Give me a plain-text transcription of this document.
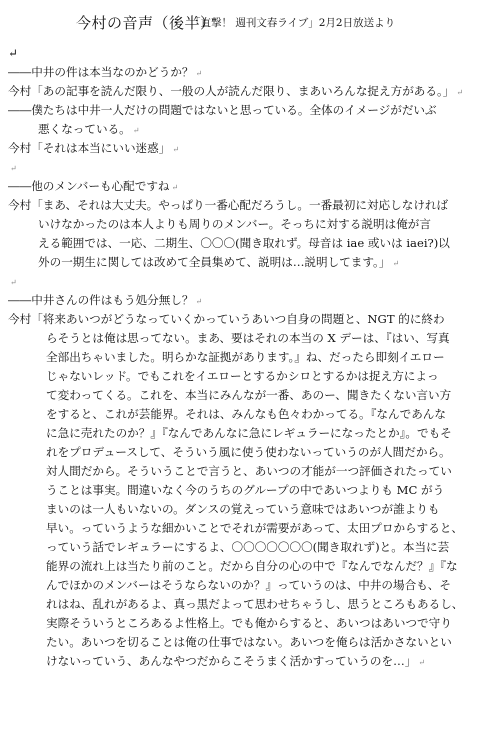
今村の音声（後半）
「直撃！ 週刊文春ライブ」2月2日放送より
↵
――中井の件は本当なのかどうか？ ↵
今村「あの記事を読んだ限り、一般の人が読んだ限り、まあいろんな捉え方がある。」 ↵
――僕たちは中井一人だけの問題ではないと思っている。全体のイメージがだいぶ
悪くなっている。 ↵
今村「それは本当にいい迷惑」 ↵
↵
――他のメンバーも心配ですね ↵
今村「まあ、それは大丈夫。やっぱり一番心配だろうし。一番最初に対応しなければ
いけなかったのは本人よりも周りのメンバー。そっちに対する説明は俺が言
える範囲では、一応、二期生、〇〇〇(聞き取れず。母音は iae 或いは iaei?)以
外の一期生に関しては改めて全員集めて、説明は…説明してます。」 ↵
↵
――中井さんの件はもう処分無し？ ↵
今村「将来あいつがどうなっていくかっていうあいつ自身の問題と、NGT 的に終わ
らそうとは俺は思ってない。まあ、要はそれの本当の X デーは、『はい、写真
全部出ちゃいました。明らかな証拠があります。』ね、だったら即刻イエロー
じゃないレッド。でもこれをイエローとするかシロとするかは捉え方によっ
て変わってくる。これを、本当にみんなが一番、あのー、聞きたくない言い方
をすると、これが芸能界。それは、みんなも色々わかってる。『なんであんな
に急に売れたのか？』『なんであんなに急にレギュラーになったとか』。でもそ
れをプロデュースして、そういう風に使う使わないっていうのが人間だから。
対人間だから。そういうことで言うと、あいつの才能が一つ評価されたってい
うことは事実。間違いなく今のうちのグループの中であいつよりも MC がう
まいのは一人もいないの。ダンスの覚えっていう意味ではあいつが誰よりも
早い。っていうような細かいことでそれが需要があって、太田プロからすると、
っていう話でレギュラーにするよ、〇〇〇〇〇〇〇(聞き取れず)と。本当に芸
能界の流れ上は当たり前のこと。だから自分の心の中で『なんでなんだ？』『な
んでほかのメンバーはそうならないのか？』っていうのは、中井の場合も、そ
れはね、乱れがあるよ、真っ黒だよって思わせちゃうし、思うところもあるし、
実際そういうところあるよ性格上。でも俺からすると、あいつはあいつで守り
たい。あいつを切ることは俺の仕事ではない。あいつを俺らは活かさないとい
けないっていう、あんなやつだからこそうまく活かすっていうのを…」 ↵
